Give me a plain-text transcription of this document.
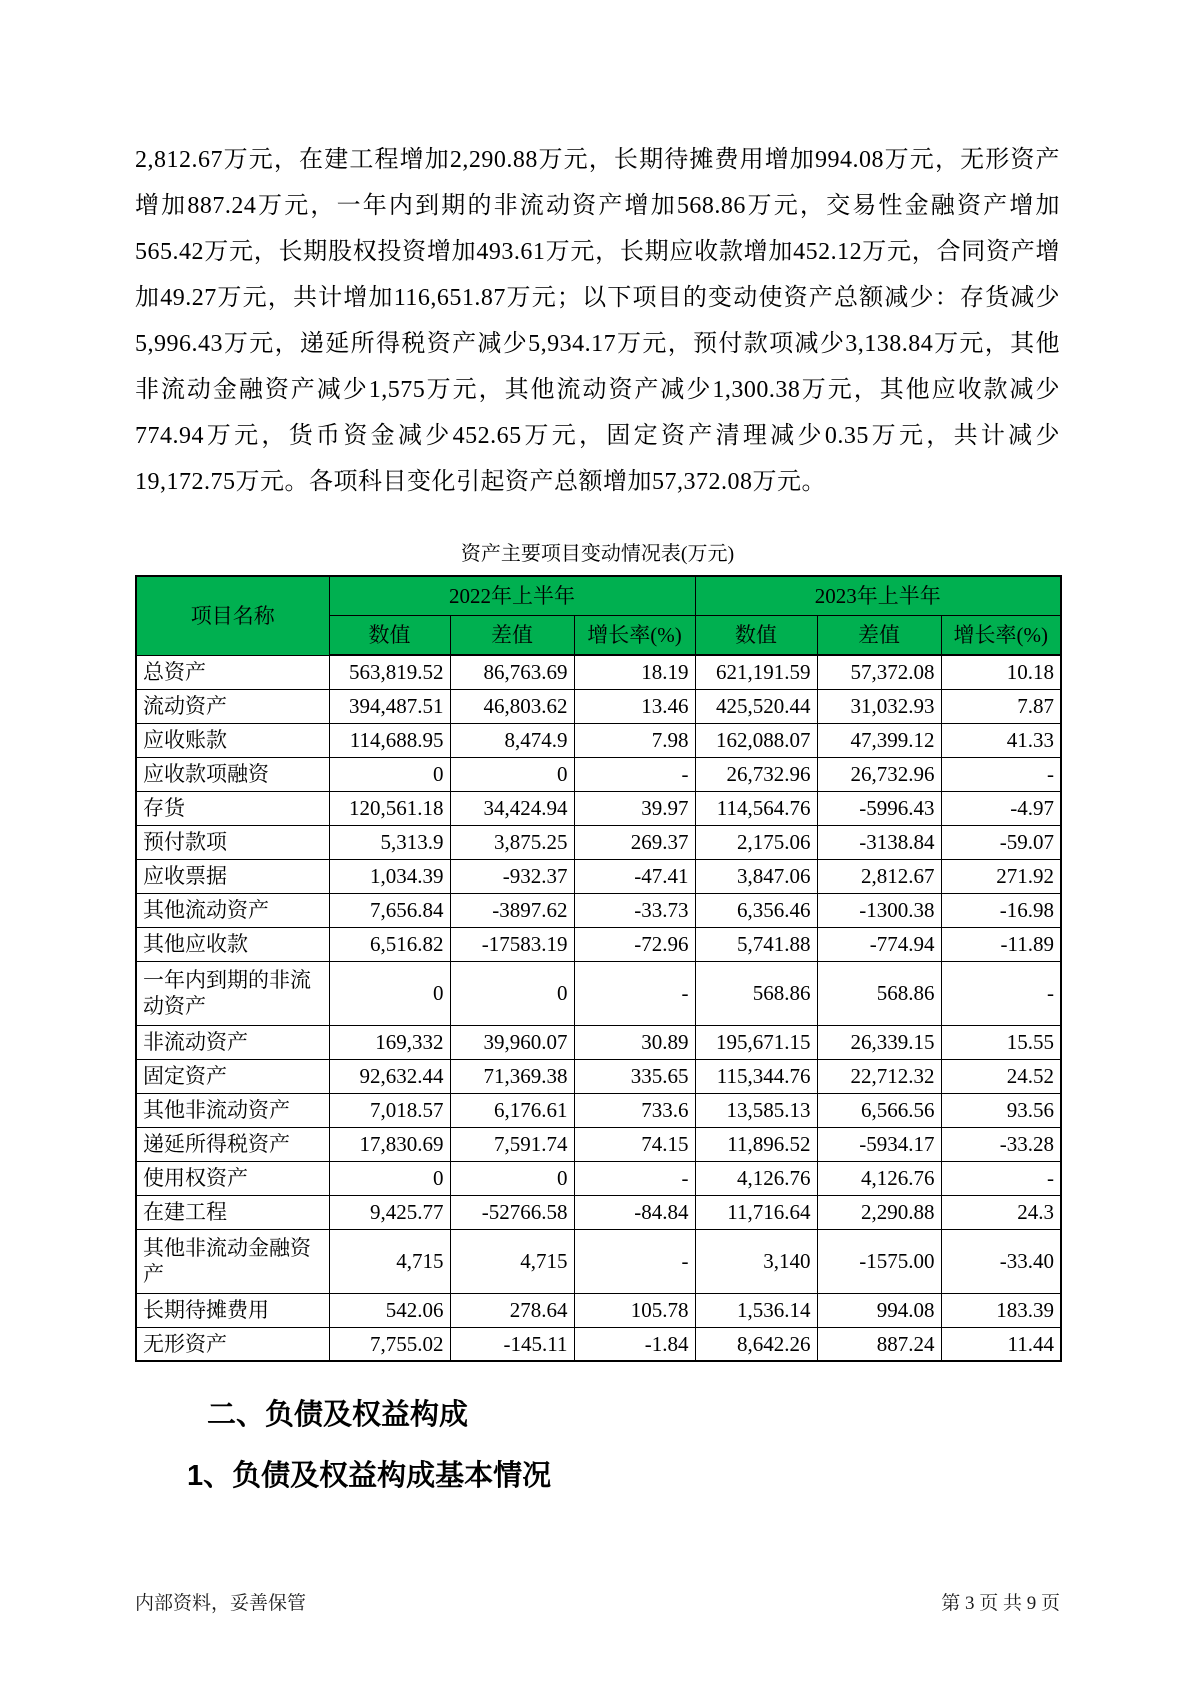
2,812.67万元，在建工程增加2,290.88万元，长期待摊费用增加994.08万元，无形资产增加887.24万元，一年内到期的非流动资产增加568.86万元，交易性金融资产增加565.42万元，长期股权投资增加493.61万元，长期应收款增加452.12万元，合同资产增加49.27万元，共计增加116,651.87万元；以下项目的变动使资产总额减少：存货减少5,996.43万元，递延所得税资产减少5,934.17万元，预付款项减少3,138.84万元，其他非流动金融资产减少1,575万元，其他流动资产减少1,300.38万元，其他应收款减少774.94万元，货币资金减少452.65万元，固定资产清理减少0.35万元，共计减少19,172.75万元。各项科目变化引起资产总额增加57,372.08万元。

资产主要项目变动情况表(万元)
项目名称	2022年上半年			2023年上半年		
	数值	差值	增长率(%)	数值	差值	增长率(%)
总资产	563,819.52	86,763.69	18.19	621,191.59	57,372.08	10.18
流动资产	394,487.51	46,803.62	13.46	425,520.44	31,032.93	7.87
应收账款	114,688.95	8,474.9	7.98	162,088.07	47,399.12	41.33
应收款项融资	0	0	-	26,732.96	26,732.96	-
存货	120,561.18	34,424.94	39.97	114,564.76	-5996.43	-4.97
预付款项	5,313.9	3,875.25	269.37	2,175.06	-3138.84	-59.07
应收票据	1,034.39	-932.37	-47.41	3,847.06	2,812.67	271.92
其他流动资产	7,656.84	-3897.62	-33.73	6,356.46	-1300.38	-16.98
其他应收款	6,516.82	-17583.19	-72.96	5,741.88	-774.94	-11.89
一年内到期的非流动资产	0	0	-	568.86	568.86	-
非流动资产	169,332	39,960.07	30.89	195,671.15	26,339.15	15.55
固定资产	92,632.44	71,369.38	335.65	115,344.76	22,712.32	24.52
其他非流动资产	7,018.57	6,176.61	733.6	13,585.13	6,566.56	93.56
递延所得税资产	17,830.69	7,591.74	74.15	11,896.52	-5934.17	-33.28
使用权资产	0	0	-	4,126.76	4,126.76	-
在建工程	9,425.77	-52766.58	-84.84	11,716.64	2,290.88	24.3
其他非流动金融资产	4,715	4,715	-	3,140	-1575.00	-33.40
长期待摊费用	542.06	278.64	105.78	1,536.14	994.08	183.39
无形资产	7,755.02	-145.11	-1.84	8,642.26	887.24	11.44
二、负债及权益构成
1、负债及权益构成基本情况
内部资料，妥善保管	第 3 页 共 9 页
